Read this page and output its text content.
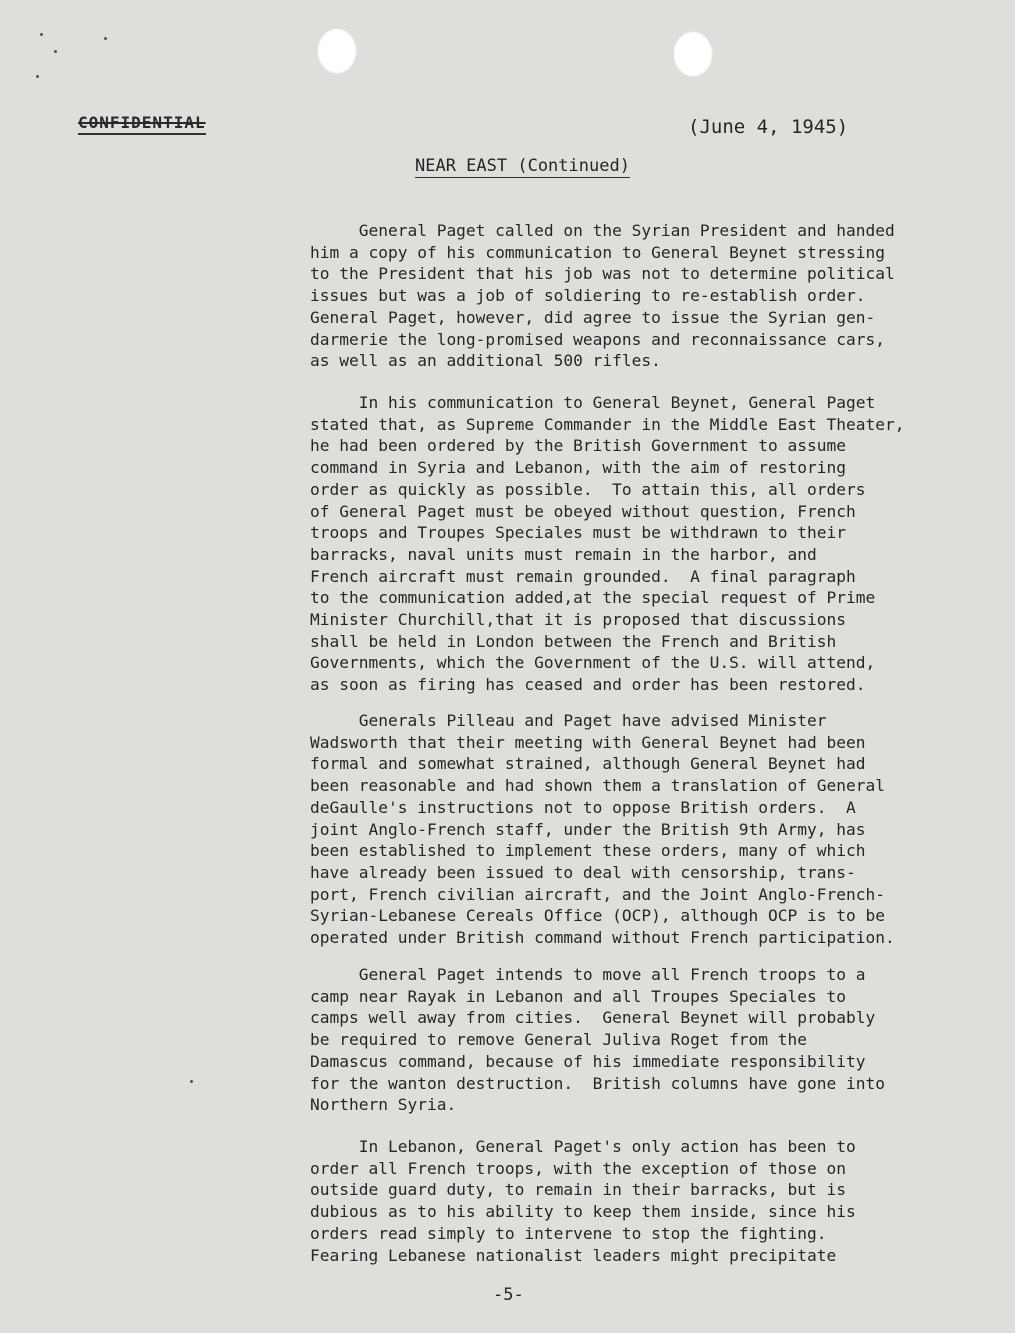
CONFIDENTIAL	(June 4, 1945)
NEAR EAST (Continued)
General Paget called on the Syrian President and handed
him a copy of his communication to General Beynet stressing
to the President that his job was not to determine political
issues but was a job of soldiering to re-establish order.
General Paget, however, did agree to issue the Syrian gen-
darmerie the long-promised weapons and reconnaissance cars,
as well as an additional 500 rifles.
In his communication to General Beynet, General Paget
stated that, as Supreme Commander in the Middle East Theater,
he had been ordered by the British Government to assume
command in Syria and Lebanon, with the aim of restoring
order as quickly as possible.  To attain this, all orders
of General Paget must be obeyed without question, French
troops and Troupes Speciales must be withdrawn to their
barracks, naval units must remain in the harbor, and
French aircraft must remain grounded.  A final paragraph
to the communication added,at the special request of Prime
Minister Churchill,that it is proposed that discussions
shall be held in London between the French and British
Governments, which the Government of the U.S. will attend,
as soon as firing has ceased and order has been restored.
Generals Pilleau and Paget have advised Minister
Wadsworth that their meeting with General Beynet had been
formal and somewhat strained, although General Beynet had
been reasonable and had shown them a translation of General
deGaulle's instructions not to oppose British orders.  A
joint Anglo-French staff, under the British 9th Army, has
been established to implement these orders, many of which
have already been issued to deal with censorship, trans-
port, French civilian aircraft, and the Joint Anglo-French-
Syrian-Lebanese Cereals Office (OCP), although OCP is to be
operated under British command without French participation.
General Paget intends to move all French troops to a
camp near Rayak in Lebanon and all Troupes Speciales to
camps well away from cities.  General Beynet will probably
be required to remove General Juliva Roget from the
Damascus command, because of his immediate responsibility
for the wanton destruction.  British columns have gone into
Northern Syria.
In Lebanon, General Paget's only action has been to
order all French troops, with the exception of those on
outside guard duty, to remain in their barracks, but is
dubious as to his ability to keep them inside, since his
orders read simply to intervene to stop the fighting.
Fearing Lebanese nationalist leaders might precipitate
-5-
